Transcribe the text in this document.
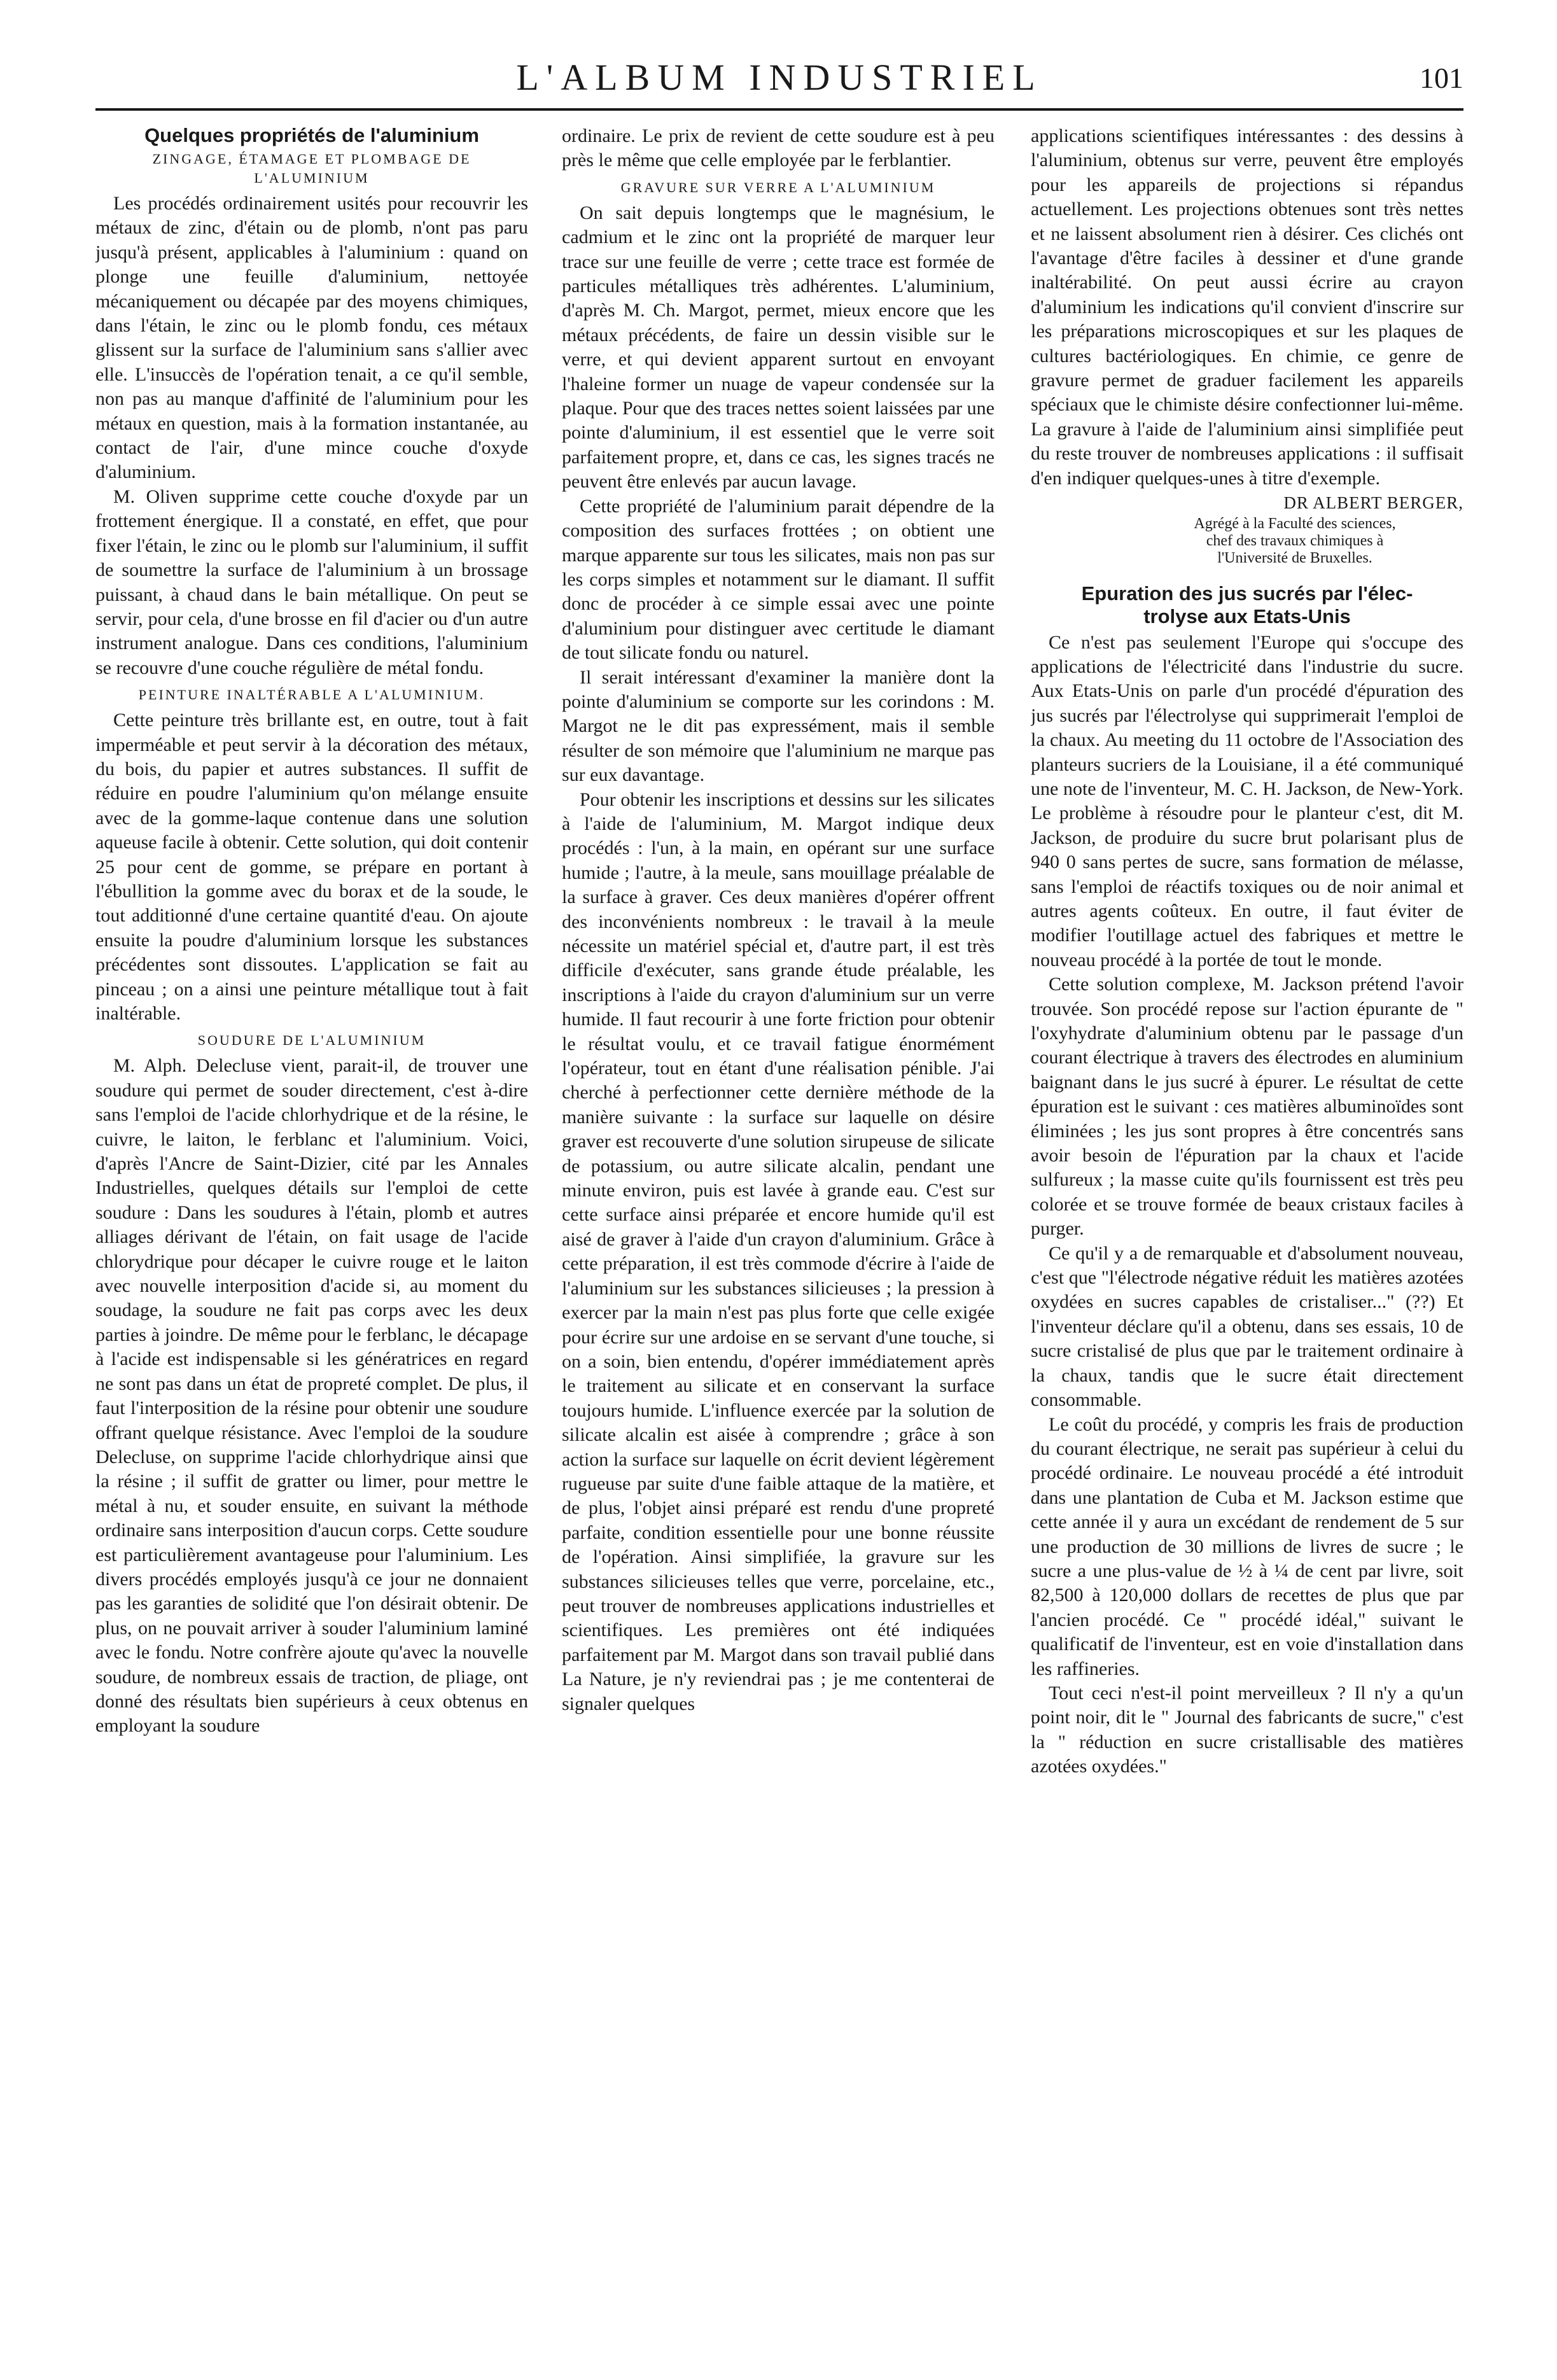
L'ALBUM INDUSTRIEL	101
Quelques propriétés de l'aluminium
ZINGAGE, ÉTAMAGE ET PLOMBAGE DE
L'ALUMINIUM

Les procédés ordinairement usités pour recouvrir les métaux de zinc, d'étain ou de plomb, n'ont pas paru jusqu'à présent, applicables à l'aluminium : quand on plonge une feuille d'aluminium, nettoyée mécaniquement ou décapée par des moyens chimiques, dans l'étain, le zinc ou le plomb fondu, ces métaux glissent sur la surface de l'aluminium sans s'allier avec elle. L'insuccès de l'opération tenait, a ce qu'il semble, non pas au manque d'affinité de l'aluminium pour les métaux en question, mais à la formation instantanée, au contact de l'air, d'une mince couche d'oxyde d'aluminium.

M. Oliven supprime cette couche d'oxyde par un frottement énergique. Il a constaté, en effet, que pour fixer l'étain, le zinc ou le plomb sur l'aluminium, il suffit de soumettre la surface de l'aluminium à un brossage puissant, à chaud dans le bain métallique. On peut se servir, pour cela, d'une brosse en fil d'acier ou d'un autre instrument analogue. Dans ces conditions, l'aluminium se recouvre d'une couche régulière de métal fondu.

PEINTURE INALTÉRABLE A L'ALUMINIUM.

Cette peinture très brillante est, en outre, tout à fait imperméable et peut servir à la décoration des métaux, du bois, du papier et autres substances. Il suffit de réduire en poudre l'aluminium qu'on mélange ensuite avec de la gomme-laque contenue dans une solution aqueuse facile à obtenir. Cette solution, qui doit contenir 25 pour cent de gomme, se prépare en portant à l'ébullition la gomme avec du borax et de la soude, le tout additionné d'une certaine quantité d'eau. On ajoute ensuite la poudre d'aluminium lorsque les substances précédentes sont dissoutes. L'application se fait au pinceau ; on a ainsi une peinture métallique tout à fait inaltérable.

SOUDURE DE L'ALUMINIUM

M. Alph. Delecluse vient, parait-il, de trouver une soudure qui permet de souder directement, c'est à-dire sans l'emploi de l'acide chlorhydrique et de la résine, le cuivre, le laiton, le ferblanc et l'aluminium. Voici, d'après l'Ancre de Saint-Dizier, cité par les Annales Industrielles, quelques détails sur l'emploi de cette soudure : Dans les soudures à l'étain, plomb et autres alliages dérivant de l'étain, on fait usage de l'acide chlorydrique pour décaper le cuivre rouge et le laiton avec nouvelle interposition d'acide si, au moment du soudage, la soudure ne fait pas corps avec les deux parties à joindre. De même pour le ferblanc, le décapage à l'acide est indispensable si les génératrices en regard ne sont pas dans un état de propreté complet. De plus, il faut l'interposition de la résine pour obtenir une soudure offrant quelque résistance. Avec l'emploi de la soudure Delecluse, on supprime l'acide chlorhydrique ainsi que la résine ; il suffit de gratter ou limer, pour mettre le métal à nu, et souder ensuite, en suivant la méthode ordinaire sans interposition d'aucun corps. Cette soudure est particulièrement avantageuse pour l'aluminium. Les divers procédés employés jusqu'à ce jour ne donnaient pas les garanties de solidité que l'on désirait obtenir. De plus, on ne pouvait arriver à souder l'aluminium laminé avec le fondu. Notre confrère ajoute qu'avec la nouvelle soudure, de nombreux essais de traction, de pliage, ont donné des résultats bien supérieurs à ceux obtenus en employant la soudure

ordinaire. Le prix de revient de cette soudure est à peu près le même que celle employée par le ferblantier.

GRAVURE SUR VERRE A L'ALUMINIUM

On sait depuis longtemps que le magnésium, le cadmium et le zinc ont la propriété de marquer leur trace sur une feuille de verre ; cette trace est formée de particules métalliques très adhérentes. L'aluminium, d'après M. Ch. Margot, permet, mieux encore que les métaux précédents, de faire un dessin visible sur le verre, et qui devient apparent surtout en envoyant l'haleine former un nuage de vapeur condensée sur la plaque. Pour que des traces nettes soient laissées par une pointe d'aluminium, il est essentiel que le verre soit parfaitement propre, et, dans ce cas, les signes tracés ne peuvent être enlevés par aucun lavage.

Cette propriété de l'aluminium parait dépendre de la composition des surfaces frottées ; on obtient une marque apparente sur tous les silicates, mais non pas sur les corps simples et notamment sur le diamant. Il suffit donc de procéder à ce simple essai avec une pointe d'aluminium pour distinguer avec certitude le diamant de tout silicate fondu ou naturel.

Il serait intéressant d'examiner la manière dont la pointe d'aluminium se comporte sur les corindons : M. Margot ne le dit pas expressément, mais il semble résulter de son mémoire que l'aluminium ne marque pas sur eux davantage.

Pour obtenir les inscriptions et dessins sur les silicates à l'aide de l'aluminium, M. Margot indique deux procédés : l'un, à la main, en opérant sur une surface humide ; l'autre, à la meule, sans mouillage préalable de la surface à graver. Ces deux manières d'opérer offrent des inconvénients nombreux : le travail à la meule nécessite un matériel spécial et, d'autre part, il est très difficile d'exécuter, sans grande étude préalable, les inscriptions à l'aide du crayon d'aluminium sur un verre humide. Il faut recourir à une forte friction pour obtenir le résultat voulu, et ce travail fatigue énormément l'opérateur, tout en étant d'une réalisation pénible. J'ai cherché à perfectionner cette dernière méthode de la manière suivante : la surface sur laquelle on désire graver est recouverte d'une solution sirupeuse de silicate de potassium, ou autre silicate alcalin, pendant une minute environ, puis est lavée à grande eau. C'est sur cette surface ainsi préparée et encore humide qu'il est aisé de graver à l'aide d'un crayon d'aluminium. Grâce à cette préparation, il est très commode d'écrire à l'aide de l'aluminium sur les substances silicieuses ; la pression à exercer par la main n'est pas plus forte que celle exigée pour écrire sur une ardoise en se servant d'une touche, si on a soin, bien entendu, d'opérer immédiatement après le traitement au silicate et en conservant la surface toujours humide. L'influence exercée par la solution de silicate alcalin est aisée à comprendre ; grâce à son action la surface sur laquelle on écrit devient légèrement rugueuse par suite d'une faible attaque de la matière, et de plus, l'objet ainsi préparé est rendu d'une propreté parfaite, condition essentielle pour une bonne réussite de l'opération. Ainsi simplifiée, la gravure sur les substances silicieuses telles que verre, porcelaine, etc., peut trouver de nombreuses applications industrielles et scientifiques. Les premières ont été indiquées parfaitement par M. Margot dans son travail publié dans La Nature, je n'y reviendrai pas ; je me contenterai de signaler quelques

applications scientifiques intéressantes : des dessins à l'aluminium, obtenus sur verre, peuvent être employés pour les appareils de projections si répandus actuellement. Les projections obtenues sont très nettes et ne laissent absolument rien à désirer. Ces clichés ont l'avantage d'être faciles à dessiner et d'une grande inaltérabilité. On peut aussi écrire au crayon d'aluminium les indications qu'il convient d'inscrire sur les préparations microscopiques et sur les plaques de cultures bactériologiques. En chimie, ce genre de gravure permet de graduer facilement les appareils spéciaux que le chimiste désire confectionner lui-même. La gravure à l'aide de l'aluminium ainsi simplifiée peut du reste trouver de nombreuses applications : il suffisait d'en indiquer quelques-unes à titre d'exemple.

DR ALBERT BERGER,

Agrégé à la Faculté des sciences,

chef des travaux chimiques à

l'Université de Bruxelles.

Epuration des jus sucrés par l'élec-
trolyse aux Etats-Unis

Ce n'est pas seulement l'Europe qui s'occupe des applications de l'électricité dans l'industrie du sucre. Aux Etats-Unis on parle d'un procédé d'épuration des jus sucrés par l'électrolyse qui supprimerait l'emploi de la chaux. Au meeting du 11 octobre de l'Association des planteurs sucriers de la Louisiane, il a été communiqué une note de l'inventeur, M. C. H. Jackson, de New-York. Le problème à résoudre pour le planteur c'est, dit M. Jackson, de produire du sucre brut polarisant plus de 940 0 sans pertes de sucre, sans formation de mélasse, sans l'emploi de réactifs toxiques ou de noir animal et autres agents coûteux. En outre, il faut éviter de modifier l'outillage actuel des fabriques et mettre le nouveau procédé à la portée de tout le monde.

Cette solution complexe, M. Jackson prétend l'avoir trouvée. Son procédé repose sur l'action épurante de " l'oxyhydrate d'aluminium obtenu par le passage d'un courant électrique à travers des électrodes en aluminium baignant dans le jus sucré à épurer. Le résultat de cette épuration est le suivant : ces matières albuminoïdes sont éliminées ; les jus sont propres à être concentrés sans avoir besoin de l'épuration par la chaux et l'acide sulfureux ; la masse cuite qu'ils fournissent est très peu colorée et se trouve formée de beaux cristaux faciles à purger.

Ce qu'il y a de remarquable et d'absolument nouveau, c'est que "l'électrode négative réduit les matières azotées oxydées en sucres capables de cristaliser..." (??) Et l'inventeur déclare qu'il a obtenu, dans ses essais, 10 de sucre cristalisé de plus que par le traitement ordinaire à la chaux, tandis que le sucre était directement consommable.

Le coût du procédé, y compris les frais de production du courant électrique, ne serait pas supérieur à celui du procédé ordinaire. Le nouveau procédé a été introduit dans une plantation de Cuba et M. Jackson estime que cette année il y aura un excédant de rendement de 5 sur une production de 30 millions de livres de sucre ; le sucre a une plus-value de ½ à ¼ de cent par livre, soit 82,500 à 120,000 dollars de recettes de plus que par l'ancien procédé. Ce " procédé idéal," suivant le qualificatif de l'inventeur, est en voie d'installation dans les raffineries.

Tout ceci n'est-il point merveilleux ? Il n'y a qu'un point noir, dit le " Journal des fabricants de sucre," c'est la " réduction en sucre cristallisable des matières azotées oxydées."
